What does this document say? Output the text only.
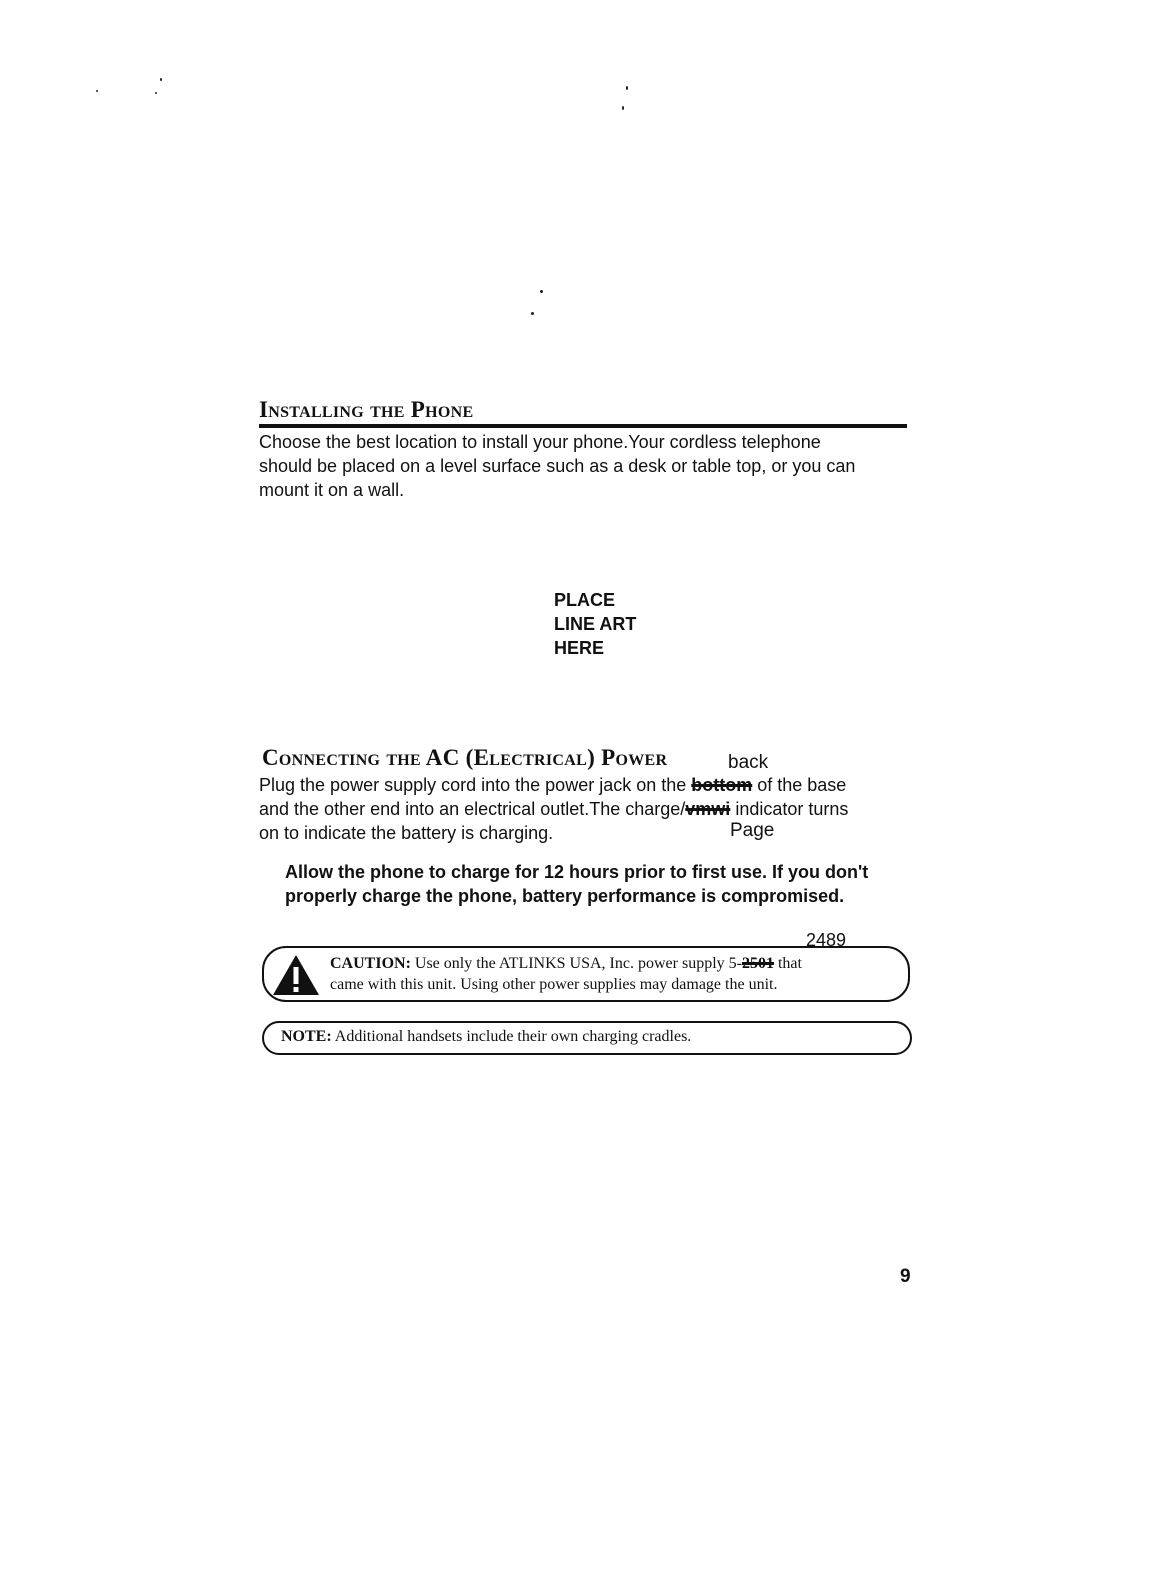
Installing the Phone
Choose the best location to install your phone.Your cordless telephone
should be placed on a level surface such as a desk or table top, or you can
mount it on a wall.
PLACE
LINE ART
HERE
Connecting the AC (Electrical) Power	back
Plug the power supply cord into the power jack on the bottom of the base
and the other end into an electrical outlet.The charge/vmwi indicator turns
on to indicate the battery is charging.	Page
Allow the phone to charge for 12 hours prior to first use. If you don't
properly charge the phone, battery performance is compromised.
2489
CAUTION: Use only the ATLINKS USA, Inc. power supply 5-2501 that
came with this unit. Using other power supplies may damage the unit.
NOTE: Additional handsets include their own charging cradles.
9
